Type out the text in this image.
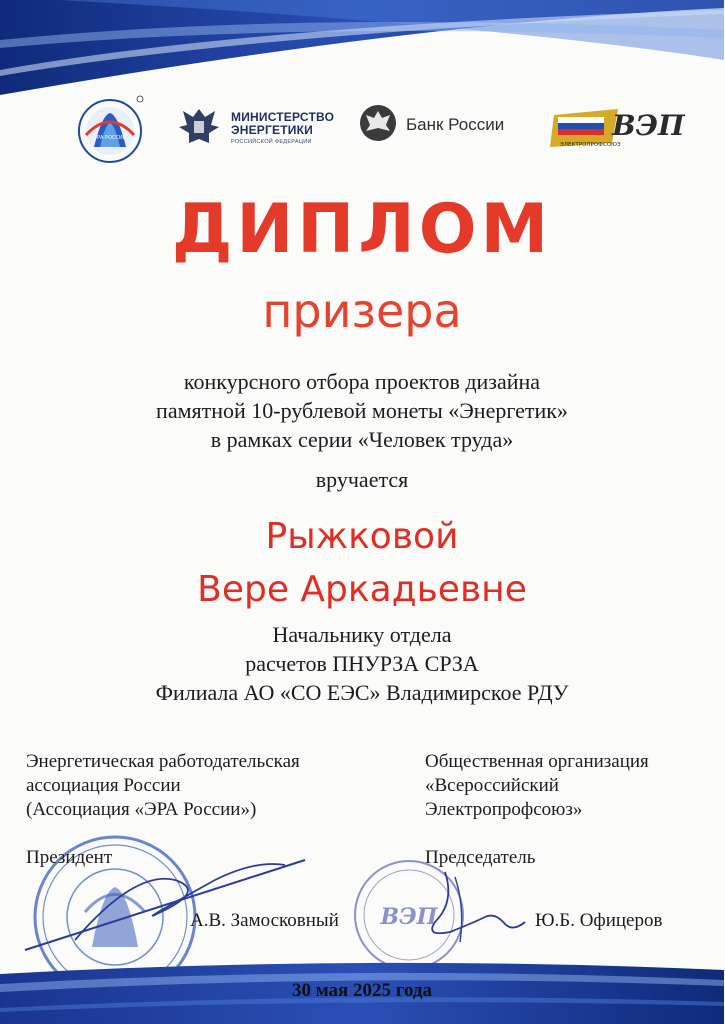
ЭРА РОССИИ
МИНИСТЕРСТВО
ЭНЕРГЕТИКИ
РОССИЙСКОЙ ФЕДЕРАЦИИ
Банк России	ВЭП
ЭЛЕКТРОПРОФСОЮЗ
ДИПЛОМ
призера
конкурсного отбора проектов дизайна
памятной 10-рублевой монеты «Энергетик»
в рамках серии «Человек труда»
вручается
Рыжковой
Вере Аркадьевне
Начальнику отдела
расчетов ПНУРЗА СРЗА
Филиала АО «СО ЕЭС» Владимирское РДУ
Энергетическая работодательская
ассоциация России
(Ассоциация «ЭРА России»)
Общественная организация
«Всероссийский
Электропрофсоюз»
ВЭП
Президент	Председатель
А.В. Замосковный	Ю.Б. Офицеров
30 мая 2025 года
